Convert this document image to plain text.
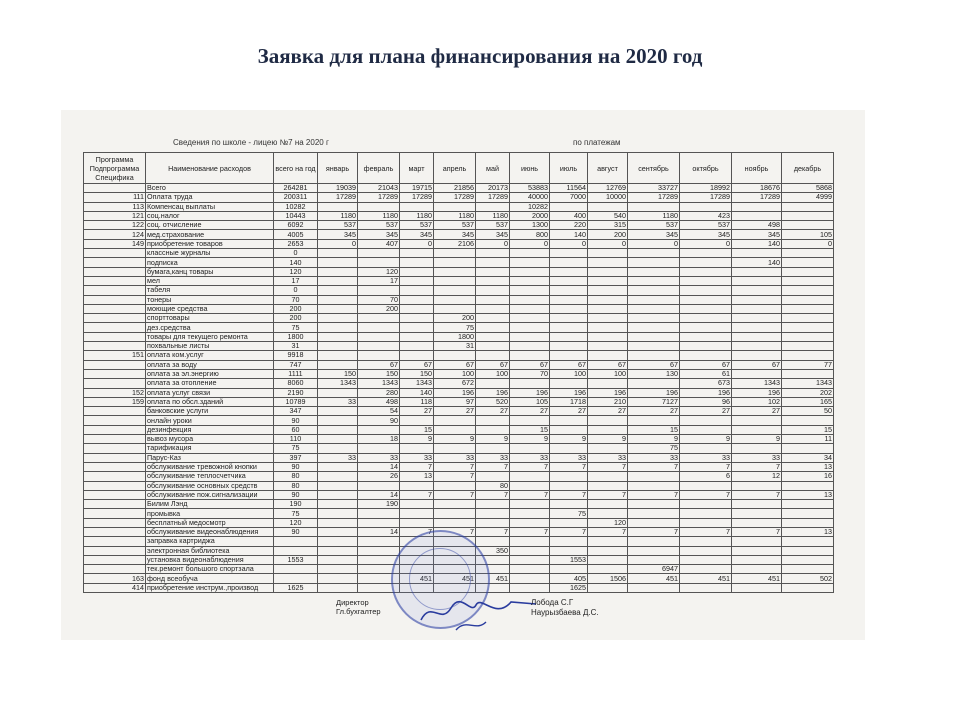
Заявка для плана финансирования на 2020 год
Сведения по школе - лицею №7 на 2020 г	по платежам
Программа Подпрограмма Специфика	Наименование расходов	всего на год	январь	февраль	март	апрель	май	июнь	июль	август	сентябрь	октябрь	ноябрь	декабрь
	Всего	264281	19039	21043	19715	21856	20173	53883	11564	12769	33727	18992	18676	5868
111	Оплата труда	200311	17289	17289	17289	17289	17289	40000	7000	10000	17289	17289	17289	4999
113	Компенсац выплаты	10282						10282						
121	соц.налог	10443	1180	1180	1180	1180	1180	2000	400	540	1180	423		
122	соц. отчисление	6092	537	537	537	537	537	1300	220	315	537	537	498	
124	мед.страхование	4005	345	345	345	345	345	800	140	200	345	345	345	105
149	приобретение товаров	2653	0	407	0	2106	0	0	0	0	0	0	140	0
	классные журналы	0												
	подписка	140											140	
	бумага,канц товары	120		120										
	мел	17		17										
	табеля	0												
	тонеры	70		70										
	моющие средства	200		200										
	спорттовары	200				200								
	дез.средства	75				75								
	товары для текущего ремонта	1800				1800								
	похвальные листы	31				31								
151	оплата ком.услуг	9918												
	оплата за воду	747		67	67	67	67	67	67	67	67	67	67	77
	оплата за эл.энергию	1111	150	150	150	100	100	70	100	100	130	61		
	оплата за отопление	8060	1343	1343	1343	672						673	1343	1343
152	оплата услуг связи	2190		280	140	196	196	196	196	196	196	196	196	202
159	оплата по обсл.зданий	10789	33	498	118	97	520	105	1718	210	7127	96	102	165
	банковские услуги	347		54	27	27	27	27	27	27	27	27	27	50
	онлайн уроки	90		90										
	дезинфекция	60			15			15			15			15
	вывоз мусора	110		18	9	9	9	9	9	9	9	9	9	11
	тарификация	75									75			
	Парус-Каз	397	33	33	33	33	33	33	33	33	33	33	33	34
	обслуживание тревожной кнопки	90		14	7	7	7	7	7	7	7	7	7	13
	обслуживание теплосчетчика	80		26	13	7						6	12	16
	обслуживание основных средств	80					80							
	обслуживание пож.сигнализации	90		14	7	7	7	7	7	7	7	7	7	13
	Билим Лэнд	190		190										
	промывка	75							75					
	бесплатный медосмотр	120								120				
	обслуживание видеонаблюдения	90		14	7	7	7	7	7	7	7	7	7	13
	заправка картриджа													
	электронная библиотека						350							
	установка видеонаблюдения	1553							1553					
	тек.ремонт большого спортзала										6947			
163	фонд всеобуча				451	451	451		405	1506	451	451	451	502
414	приобретение инструм.,производ	1625							1625					
Директор
Гл.бухгалтер
Лобода С.Г
Наурызбаева Д.С.
